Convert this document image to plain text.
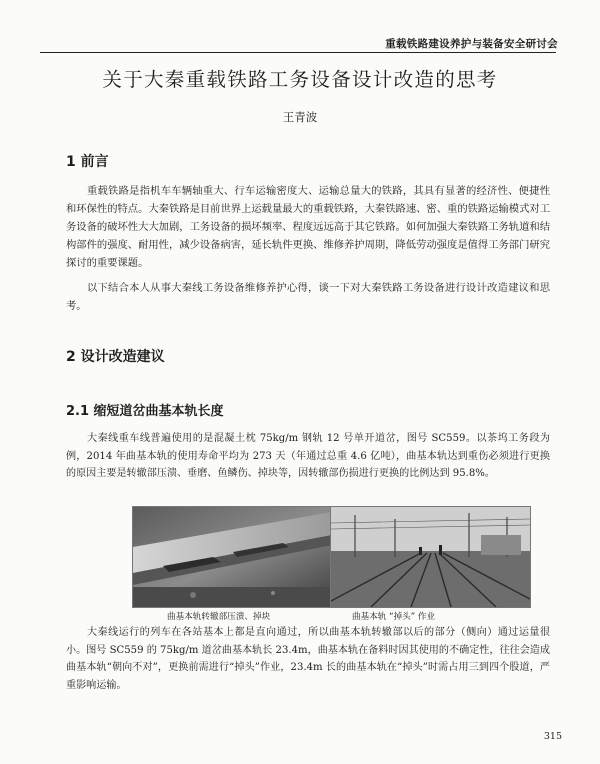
重载铁路建设养护与装备安全研讨会
关于大秦重载铁路工务设备设计改造的思考
王青波
1 前言

重载铁路是指机车车辆轴重大、行车运输密度大、运输总量大的铁路，其具有显著的经济性、便捷性和环保性的特点。大秦铁路是目前世界上运载量最大的重载铁路，大秦铁路速、密、重的铁路运输模式对工务设备的破坏性大大加剧，工务设备的损坏频率、程度远远高于其它铁路。如何加强大秦铁路工务轨道和结构部件的强度、耐用性，减少设备病害，延长轨件更换、维修养护周期，降低劳动强度是值得工务部门研究探讨的重要课题。

以下结合本人从事大秦线工务设备维修养护心得，谈一下对大秦铁路工务设备进行设计改造建议和思考。

2 设计改造建议
2.1 缩短道岔曲基本轨长度

大秦线重车线普遍使用的是混凝土枕 75kg/m 钢轨 12 号单开道岔，图号 SC559。以茶坞工务段为例，2014 年曲基本轨的使用寿命平均为 273 天（年通过总重 4.6 亿吨），曲基本轨达到重伤必须进行更换的原因主要是转辙部压溃、垂磨、鱼鳞伤、掉块等，因转辙部伤损进行更换的比例达到 95.8%。

曲基本轨转辙部压溃、掉块	曲基本轨 “掉头” 作业

大秦线运行的列车在各站基本上都是直向通过，所以曲基本轨转辙部以后的部分（侧向）通过运量很小。图号 SC559 的 75kg/m 道岔曲基本轨长 23.4m，曲基本轨在备料时因其使用的不确定性，往往会造成曲基本轨“朝向不对”，更换前需进行“掉头”作业，23.4m 长的曲基本轨在“掉头”时需占用三到四个股道，严重影响运输。

315
